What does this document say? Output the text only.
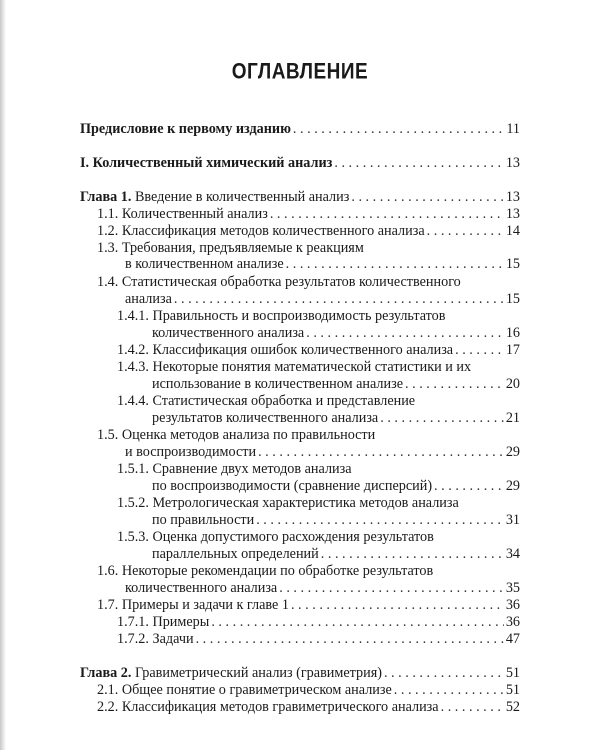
ОГЛАВЛЕНИЕ
Предисловие к первому изданию . . .	11
I. Количественный химический анализ . . .	13
Глава 1. Введение в количественный анализ . . .	13
1.1. Количественный анализ . . .	13
1.2. Классификация методов количественного анализа . . .	14
1.3. Требования, предъявляемые к реакциям
в количественном анализе . . .	15
1.4. Статистическая обработка результатов количественного
анализа . . .	15
1.4.1. Правильность и воспроизводимость результатов
количественного анализа . . .	16
1.4.2. Классификация ошибок количественного анализа . . .	17
1.4.3. Некоторые понятия математической статистики и их
использование в количественном анализе . . .	20
1.4.4. Статистическая обработка и представление
результатов количественного анализа . . .	21
1.5. Оценка методов анализа по правильности
и воспроизводимости . . .	29
1.5.1. Сравнение двух методов анализа
по воспроизводимости (сравнение дисперсий) . . .	29
1.5.2. Метрологическая характеристика методов анализа
по правильности . . .	31
1.5.3. Оценка допустимого расхождения результатов
параллельных определений . . .	34
1.6. Некоторые рекомендации по обработке результатов
количественного анализа . . .	35
1.7. Примеры и задачи к главе 1 . . .	36
1.7.1. Примеры . . .	36
1.7.2. Задачи . . .	47
Глава 2. Гравиметрический анализ (гравиметрия) . . .	51
2.1. Общее понятие о гравиметрическом анализе . . .	51
2.2. Классификация методов гравиметрического анализа . . .	52
